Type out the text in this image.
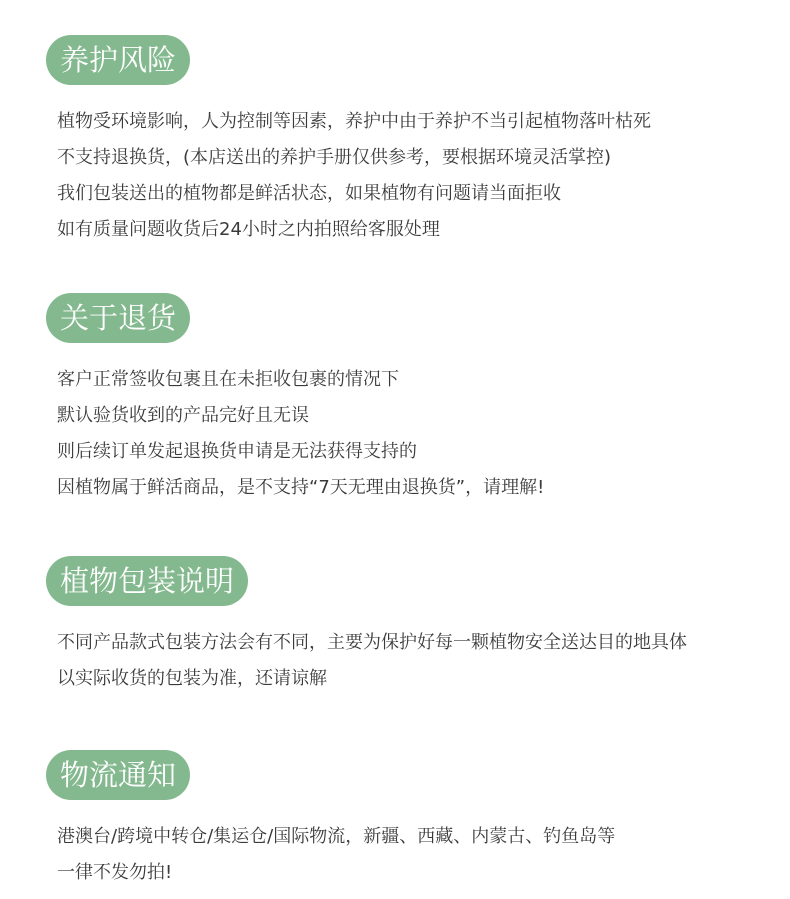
养护风险
植物受环境影响，人为控制等因素，养护中由于养护不当引起植物落叶枯死
不支持退换货，(本店送出的养护手册仅供参考，要根据环境灵活掌控)
我们包装送出的植物都是鲜活状态，如果植物有问题请当面拒收
如有质量问题收货后24小时之内拍照给客服处理
关于退货
客户正常签收包裹且在未拒收包裹的情况下
默认验货收到的产品完好且无误
则后续订单发起退换货申请是无法获得支持的
因植物属于鲜活商品，是不支持“7天无理由退换货”，请理解!
植物包装说明
不同产品款式包装方法会有不同，主要为保护好每一颗植物安全送达目的地具体
以实际收货的包装为准，还请谅解
物流通知
港澳台/跨境中转仓/集运仓/国际物流，新疆、西藏、内蒙古、钓鱼岛等
一律不发勿拍!
